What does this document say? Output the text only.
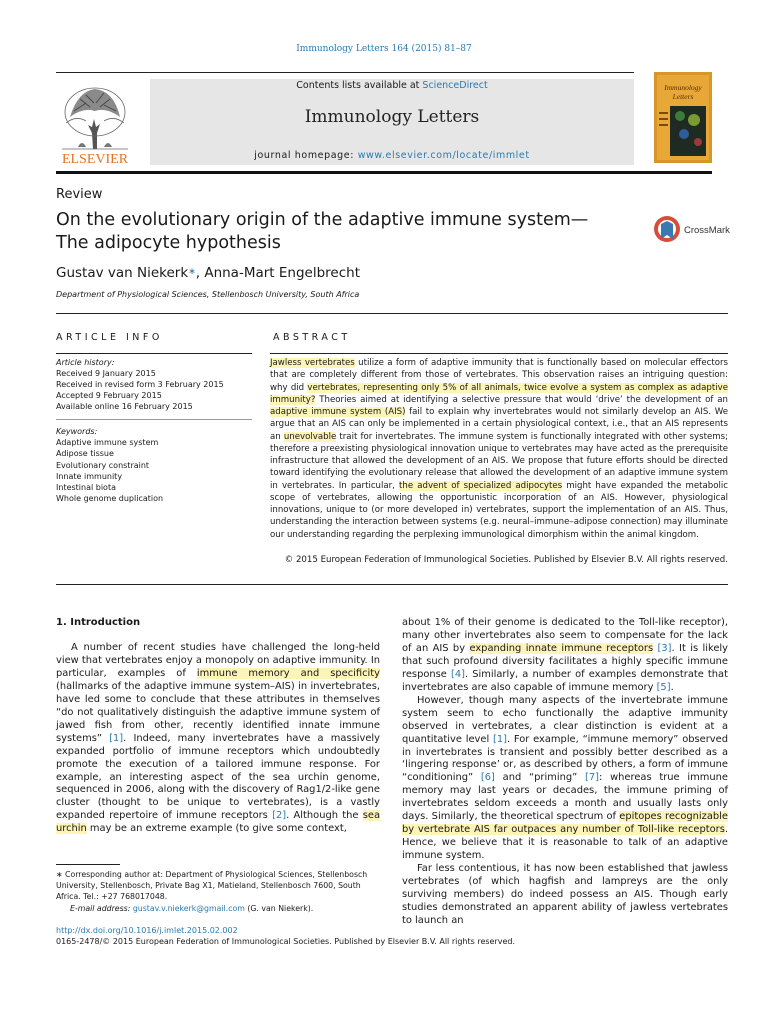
Immunology Letters 164 (2015) 81–87
ELSEVIER
Contents lists available at ScienceDirect
Immunology Letters
journal homepage: www.elsevier.com/locate/immlet
Immunology
Letters
Review
On the evolutionary origin of the adaptive immune system—The adipocyte hypothesis
CrossMark
Gustav van Niekerk∗, Anna-Mart Engelbrecht
Department of Physiological Sciences, Stellenbosch University, South Africa
ARTICLE INFO	ABSTRACT
Article history:
Received 9 January 2015
Received in revised form 3 February 2015
Accepted 9 February 2015
Available online 16 February 2015
Keywords:
Adaptive immune system
Adipose tissue
Evolutionary constraint
Innate immunity
Intestinal biota
Whole genome duplication
Jawless vertebrates utilize a form of adaptive immunity that is functionally based on molecular effectors that are completely different from those of vertebrates. This observation raises an intriguing question: why did vertebrates, representing only 5% of all animals, twice evolve a system as complex as adaptive immunity? Theories aimed at identifying a selective pressure that would ‘drive’ the development of an adaptive immune system (AIS) fail to explain why invertebrates would not similarly develop an AIS. We argue that an AIS can only be implemented in a certain physiological context, i.e., that an AIS represents an unevolvable trait for invertebrates. The immune system is functionally integrated with other systems; therefore a preexisting physiological innovation unique to vertebrates may have acted as the prerequisite infrastructure that allowed the development of an AIS. We propose that future efforts should be directed toward identifying the evolutionary release that allowed the development of an adaptive immune system in vertebrates. In particular, the advent of specialized adipocytes might have expanded the metabolic scope of vertebrates, allowing the opportunistic incorporation of an AIS. However, physiological innovations, unique to (or more developed in) vertebrates, support the implementation of an AIS. Thus, understanding the interaction between systems (e.g. neural–immune–adipose connection) may illuminate our understanding regarding the perplexing immunological dimorphism within the animal kingdom.
© 2015 European Federation of Immunological Societies. Published by Elsevier B.V. All rights reserved.
1. Introduction

A number of recent studies have challenged the long-held view that vertebrates enjoy a monopoly on adaptive immunity. In particular, examples of immune memory and specificity (hallmarks of the adaptive immune system–AIS) in invertebrates, have led some to conclude that these attributes in themselves “do not qualitatively distinguish the adaptive immune system of jawed fish from other, recently identified innate immune systems” [1]. Indeed, many invertebrates have a massively expanded portfolio of immune receptors which undoubtedly promote the execution of a tailored immune response. For example, an interesting aspect of the sea urchin genome, sequenced in 2006, along with the discovery of Rag1/2-like gene cluster (thought to be unique to vertebrates), is a vastly expanded repertoire of immune receptors [2]. Although the sea urchin may be an extreme example (to give some context,

about 1% of their genome is dedicated to the Toll-like receptor), many other invertebrates also seem to compensate for the lack of an AIS by expanding innate immune receptors [3]. It is likely that such profound diversity facilitates a highly specific immune response [4]. Similarly, a number of examples demonstrate that invertebrates are also capable of immune memory [5].

However, though many aspects of the invertebrate immune system seem to echo functionally the adaptive immunity observed in vertebrates, a clear distinction is evident at a quantitative level [1]. For example, “immune memory” observed in invertebrates is transient and possibly better described as a ‘lingering response’ or, as described by others, a form of immune “conditioning” [6] and “priming” [7]: whereas true immune memory may last years or decades, the immune priming of invertebrates seldom exceeds a month and usually lasts only days. Similarly, the theoretical spectrum of epitopes recognizable by vertebrate AIS far outpaces any number of Toll-like receptors. Hence, we believe that it is reasonable to talk of an adaptive immune system.

Far less contentious, it has now been established that jawless vertebrates (of which hagfish and lampreys are the only surviving members) do indeed possess an AIS. Though early studies demonstrated an apparent ability of jawless vertebrates to launch an

∗ Corresponding author at: Department of Physiological Sciences, Stellenbosch University, Stellenbosch, Private Bag X1, Matieland, Stellenbosch 7600, South Africa. Tel.: +27 768017048.

E-mail address: gustav.v.niekerk@gmail.com (G. van Niekerk).

http://dx.doi.org/10.1016/j.imlet.2015.02.002
0165-2478/© 2015 European Federation of Immunological Societies. Published by Elsevier B.V. All rights reserved.
